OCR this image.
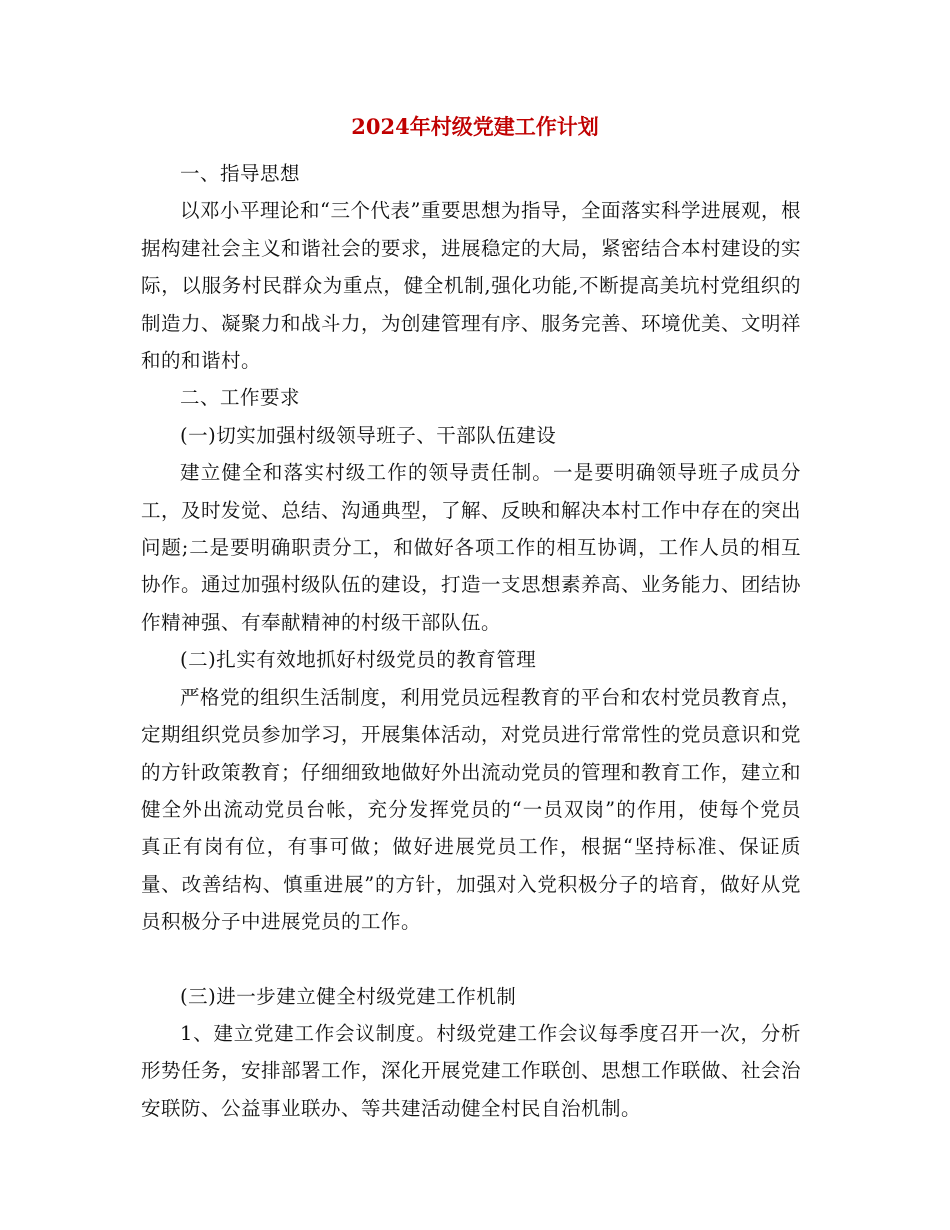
2024年村级党建工作计划

一、指导思想

以邓小平理论和“三个代表”重要思想为指导，全面落实科学进展观，根据构建社会主义和谐社会的要求，进展稳定的大局，紧密结合本村建设的实际，以服务村民群众为重点，健全机制,强化功能,不断提高美坑村党组织的制造力、凝聚力和战斗力，为创建管理有序、服务完善、环境优美、文明祥和的和谐村。

二、工作要求

(一)切实加强村级领导班子、干部队伍建设

建立健全和落实村级工作的领导责任制。一是要明确领导班子成员分工，及时发觉、总结、沟通典型，了解、反映和解决本村工作中存在的突出问题;二是要明确职责分工，和做好各项工作的相互协调，工作人员的相互协作。通过加强村级队伍的建设，打造一支思想素养高、业务能力、团结协作精神强、有奉献精神的村级干部队伍。

(二)扎实有效地抓好村级党员的教育管理

严格党的组织生活制度，利用党员远程教育的平台和农村党员教育点，定期组织党员参加学习，开展集体活动，对党员进行常常性的党员意识和党的方针政策教育；仔细细致地做好外出流动党员的管理和教育工作，建立和健全外出流动党员台帐，充分发挥党员的“一员双岗”的作用，使每个党员真正有岗有位，有事可做；做好进展党员工作，根据“坚持标准、保证质量、改善结构、慎重进展”的方针，加强对入党积极分子的培育，做好从党员积极分子中进展党员的工作。

(三)进一步建立健全村级党建工作机制

1、建立党建工作会议制度。村级党建工作会议每季度召开一次，分析形势任务，安排部署工作，深化开展党建工作联创、思想工作联做、社会治安联防、公益事业联办、等共建活动健全村民自治机制。
